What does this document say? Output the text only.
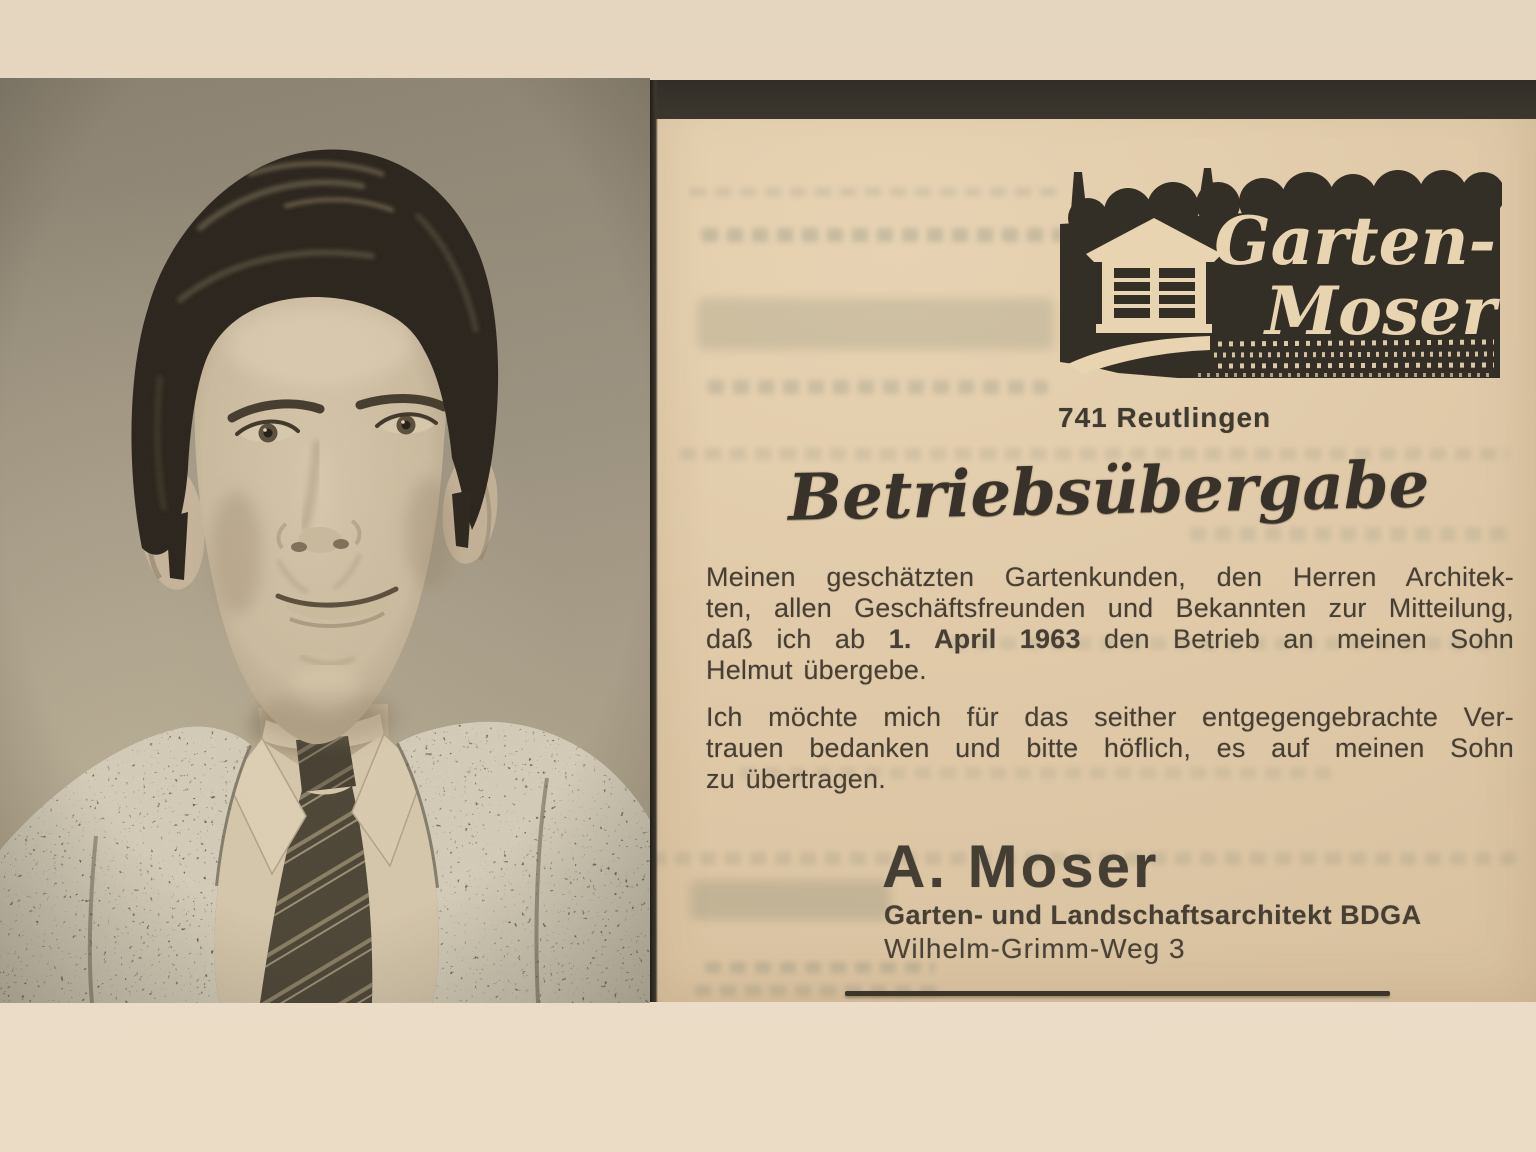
Garten-
Moser
741 Reutlingen
Betriebsübergabe
Meinen geschätzten Gartenkunden, den Herren Architek-
ten, allen Geschäftsfreunden und Bekannten zur Mitteilung,
daß ich ab 1. April 1963 den Betrieb an meinen Sohn
Helmut übergebe.
Ich möchte mich für das seither entgegengebrachte Ver-
trauen bedanken und bitte höflich, es auf meinen Sohn
zu übertragen.
A. Moser
Garten- und Landschaftsarchitekt BDGA
Wilhelm-Grimm-Weg 3
